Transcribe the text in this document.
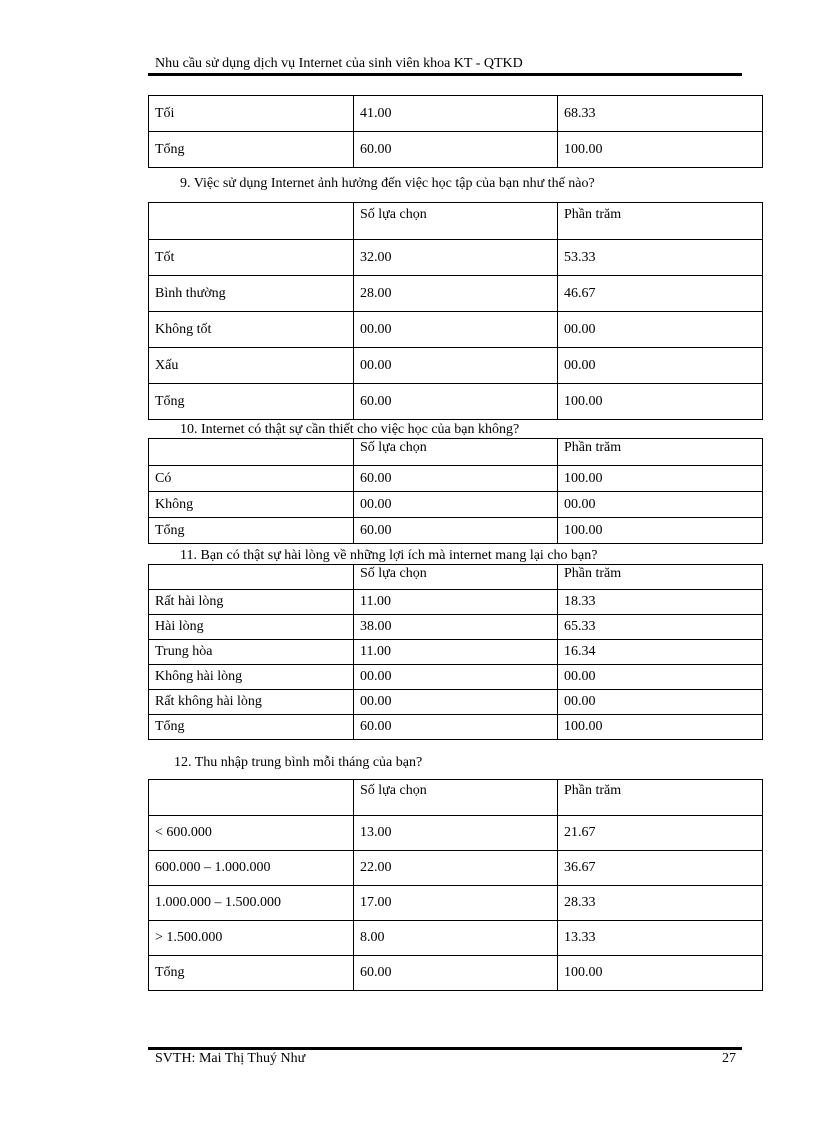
Nhu cầu sử dụng dịch vụ Internet của sinh viên khoa KT - QTKD
Tối	41.00	68.33
Tổng	60.00	100.00
9. Việc sử dụng Internet ảnh hưởng đến việc học tập của bạn như thế nào?
	Số lựa chọn	Phần trăm
Tốt	32.00	53.33
Bình thường	28.00	46.67
Không tốt	00.00	00.00
Xấu	00.00	00.00
Tổng	60.00	100.00
10. Internet có thật sự cần thiết cho việc học của bạn không?
	Số lựa chọn	Phần trăm
Có	60.00	100.00
Không	00.00	00.00
Tổng	60.00	100.00
11. Bạn có thật sự hài lòng về những lợi ích mà internet mang lại cho bạn?
	Số lựa chọn	Phần trăm
Rất hài lòng	11.00	18.33
Hài lòng	38.00	65.33
Trung hòa	11.00	16.34
Không hài lòng	00.00	00.00
Rất không hài lòng	00.00	00.00
Tổng	60.00	100.00
12. Thu nhập trung bình mỗi tháng của bạn?
	Số lựa chọn	Phần trăm
< 600.000	13.00	21.67
600.000 – 1.000.000	22.00	36.67
1.000.000 – 1.500.000	17.00	28.33
> 1.500.000	8.00	13.33
Tổng	60.00	100.00
SVTH: Mai Thị Thuý Như	27
